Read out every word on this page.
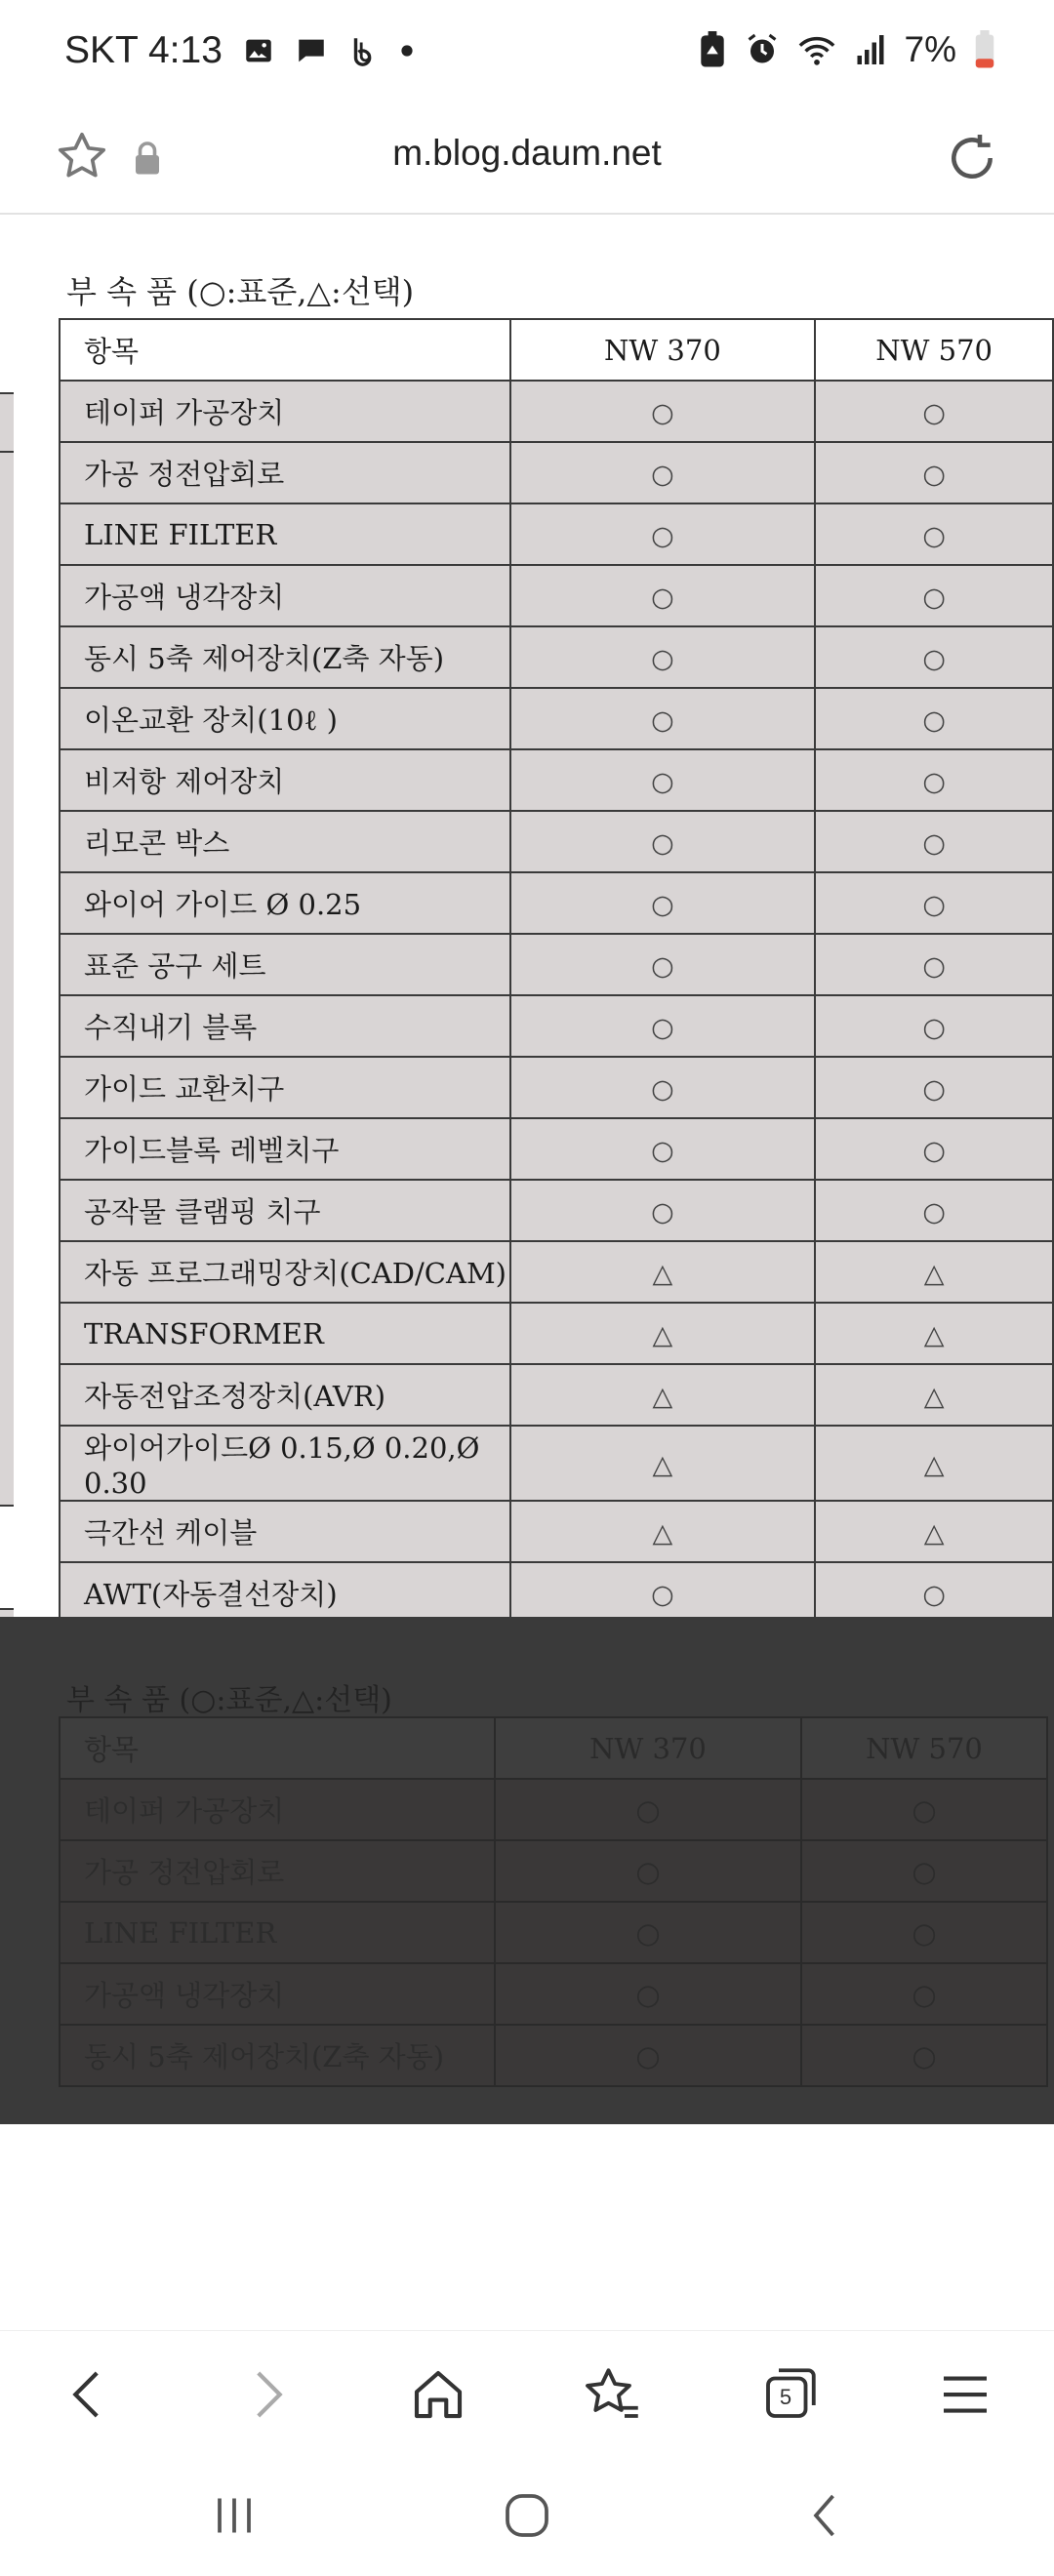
SKT 4:13	7%
m.blog.daum.net
부 속 품 (○:표준,△:선택)
항목	NW 370	NW 570
테이퍼 가공장치	○	○
가공 정전압회로	○	○
LINE FILTER	○	○
가공액 냉각장치	○	○
동시 5축 제어장치(Z축 자동)	○	○
이온교환 장치(10ℓ )	○	○
비저항 제어장치	○	○
리모콘 박스	○	○
와이어 가이드 Ø 0.25	○	○
표준 공구 세트	○	○
수직내기 블록	○	○
가이드 교환치구	○	○
가이드블록 레벨치구	○	○
공작물 클램핑 치구	○	○
자동 프로그래밍장치(CAD/CAM)	△	△
TRANSFORMER	△	△
자동전압조정장치(AVR)	△	△
와이어가이드Ø 0.15,Ø 0.20,Ø 0.30	△	△
극간선 케이블	△	△
AWT(자동결선장치)	○	○

부 속 품 (○:표준,△:선택)
항목	NW 370	NW 570
테이퍼 가공장치	○	○
가공 정전압회로	○	○
LINE FILTER	○	○
가공액 냉각장치	○	○
동시 5축 제어장치(Z축 자동)	○	○
5
